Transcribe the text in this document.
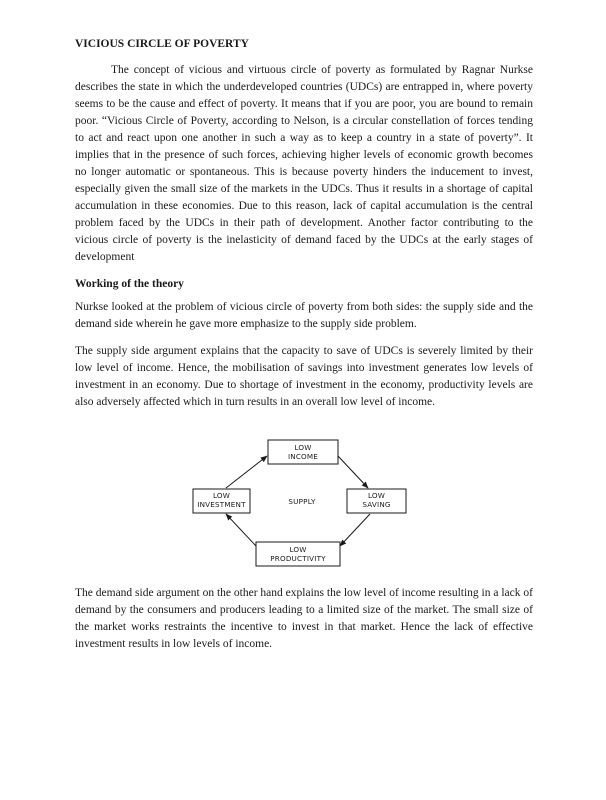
VICIOUS CIRCLE OF POVERTY

The concept of vicious and virtuous circle of poverty as formulated by Ragnar Nurkse describes the state in which the underdeveloped countries (UDCs) are entrapped in, where poverty seems to be the cause and effect of poverty. It means that if you are poor, you are bound to remain poor. “Vicious Circle of Poverty, according to Nelson, is a circular constellation of forces tending to act and react upon one another in such a way as to keep a country in a state of poverty”. It implies that in the presence of such forces, achieving higher levels of economic growth becomes no longer automatic or spontaneous. This is because poverty hinders the inducement to invest, especially given the small size of the markets in the UDCs. Thus it results in a shortage of capital accumulation in these economies. Due to this reason, lack of capital accumulation is the central problem faced by the UDCs in their path of development. Another factor contributing to the vicious circle of poverty is the inelasticity of demand faced by the UDCs at the early stages of development

Working of the theory

Nurkse looked at the problem of vicious circle of poverty from both sides: the supply side and the demand side wherein he gave more emphasize to the supply side problem.

The supply side argument explains that the capacity to save of UDCs is severely limited by their low level of income. Hence, the mobilisation of savings into investment generates low levels of investment in an economy. Due to shortage of investment in the economy, productivity levels are also adversely affected which in turn results in an overall low level of income.

LOW
INCOME
LOW
SAVING
LOW
INVESTMENT
LOW
PRODUCTIVITY
SUPPLY

The demand side argument on the other hand explains the low level of income resulting in a lack of demand by the consumers and producers leading to a limited size of the market. The small size of the market works restraints the incentive to invest in that market. Hence the lack of effective investment results in low levels of income.
